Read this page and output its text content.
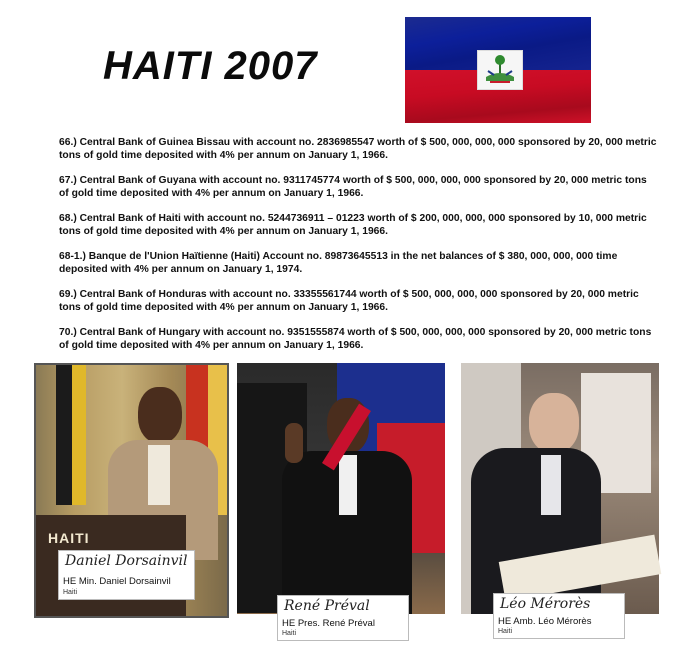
HAITI 2007

66.) Central Bank of Guinea Bissau with account no. 2836985547 worth of $ 500, 000, 000, 000 sponsored by 20, 000 metric tons of gold time deposited with 4% per annum on January 1, 1966.

67.) Central Bank of Guyana with account no. 9311745774 worth of $ 500, 000, 000, 000 sponsored by 20, 000 metric tons of gold time deposited with 4% per annum on January 1, 1966.

68.) Central Bank of Haiti with account no. 5244736911 – 01223 worth of $ 200, 000, 000, 000 sponsored by 10, 000 metric tons of gold time deposited with 4% per annum on January 1, 1966.

68-1.) Banque de l'Union Haïtienne (Haiti) Account no. 89873645513 in the net balances of $ 380, 000, 000, 000 time deposited with 4% per annum on January 1, 1974.

69.) Central Bank of Honduras with account no. 33355561744 worth of $ 500, 000, 000, 000 sponsored by 20, 000 metric tons of gold time deposited with 4% per annum on January 1, 1966.

70.) Central Bank of Hungary with account no. 9351555874 worth of $ 500, 000, 000, 000 sponsored by 20, 000 metric tons of gold time deposited with 4% per annum on January 1, 1966.

HAITI
Daniel Dorsainvil
HE Min. Daniel Dorsainvil
Haiti
René Préval
HE Pres. René Préval
Haiti
Léo Mérorès
HE Amb. Léo Mérorès
Haiti
